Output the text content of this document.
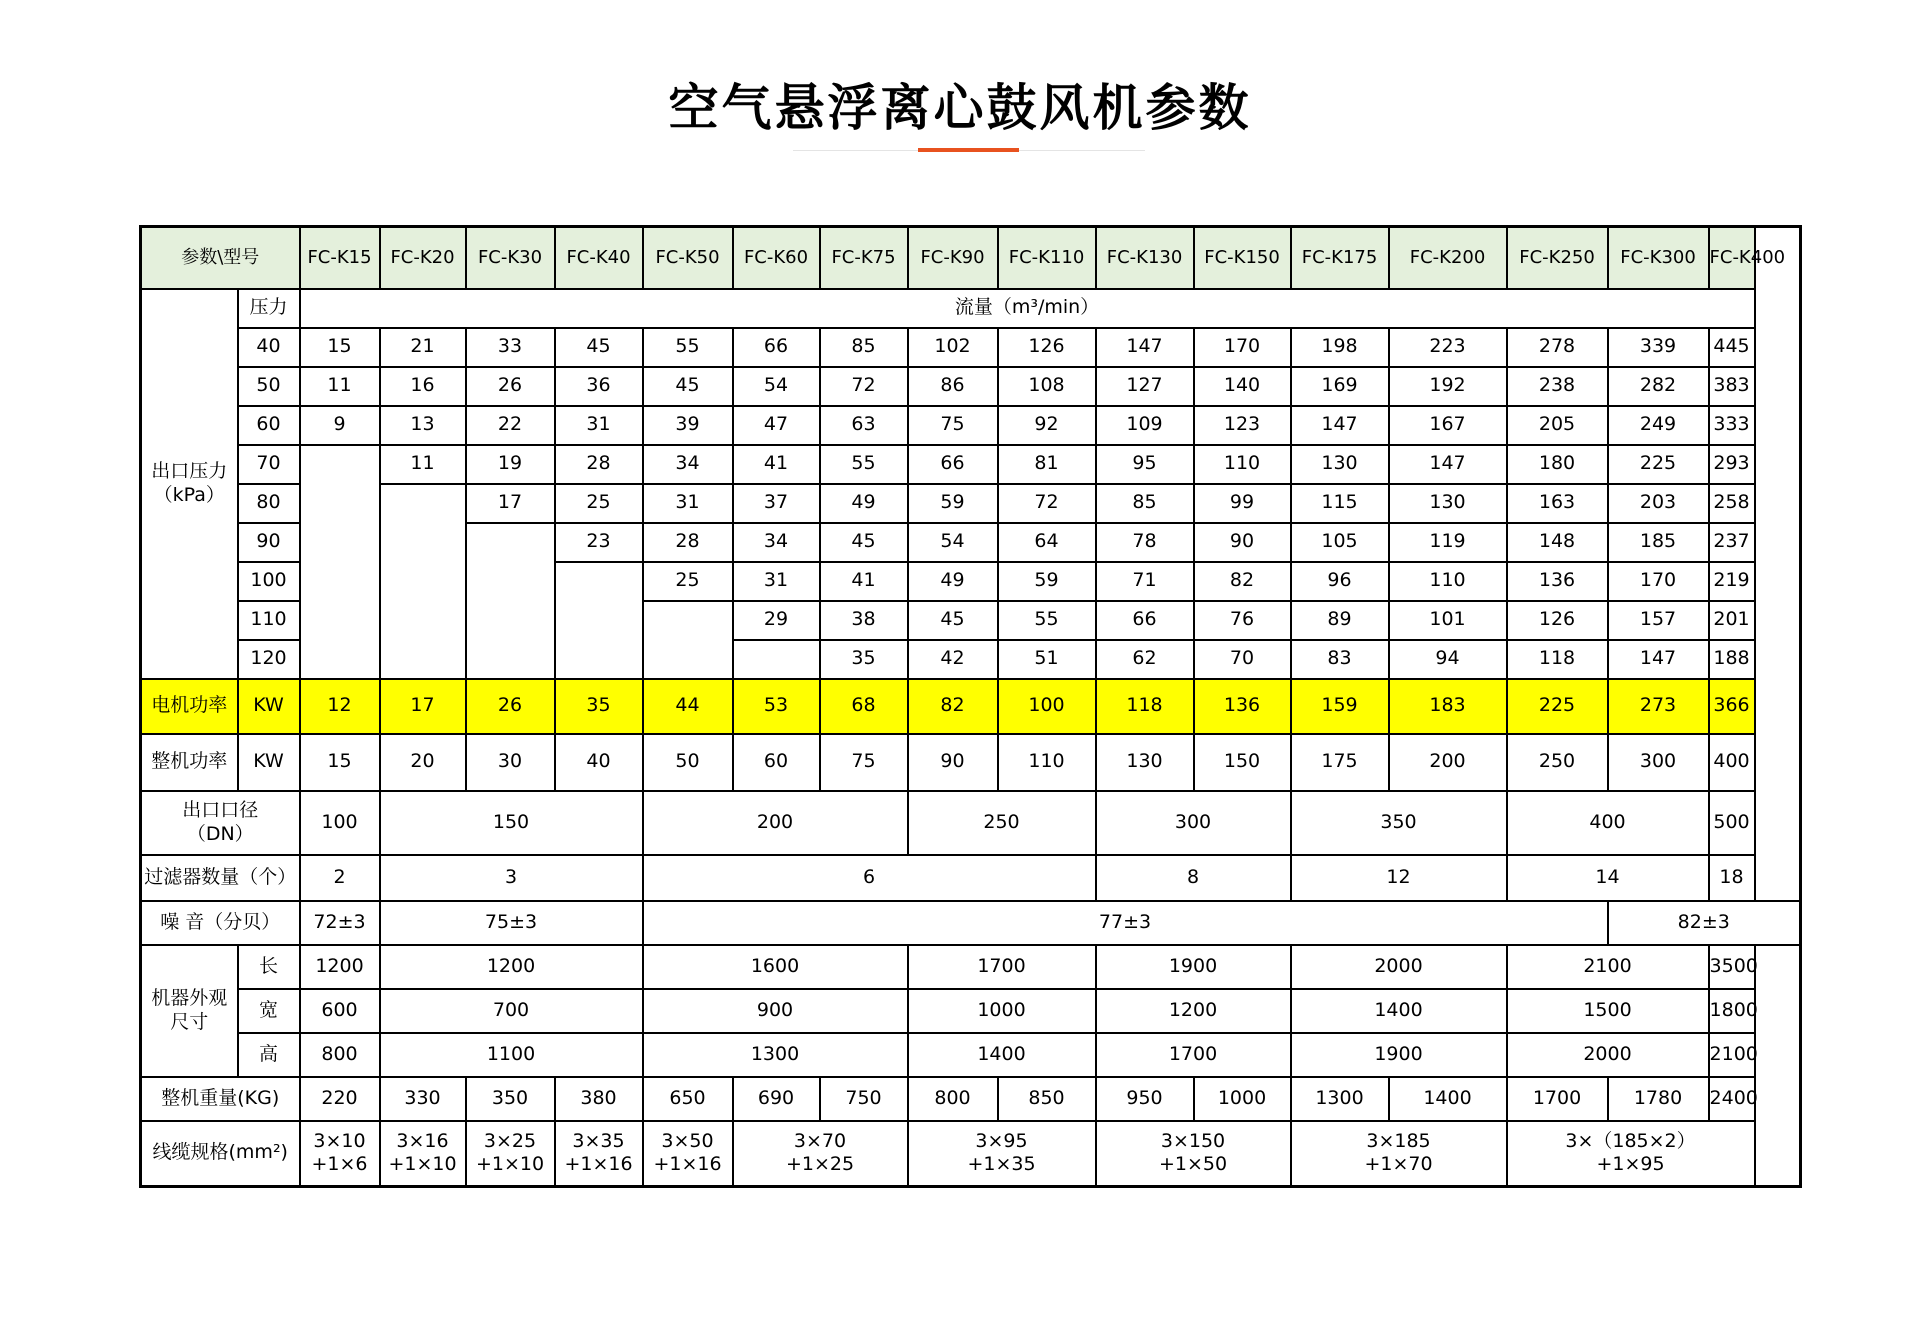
空气悬浮离心鼓风机参数
参数\型号		FC-K15	FC-K20	FC-K30	FC-K40	FC-K50	FC-K60	FC-K75	FC-K90	FC-K110	FC-K130	FC-K150	FC-K175	FC-K200	FC-K250	FC-K300	FC-K400
出口压力
（kPa）	压力	流量（m³/min）															
	40	15	21	33	45	55	66	85	102	126	147	170	198	223	278	339	445
	50	11	16	26	36	45	54	72	86	108	127	140	169	192	238	282	383
	60	9	13	22	31	39	47	63	75	92	109	123	147	167	205	249	333
	70		11	19	28	34	41	55	66	81	95	110	130	147	180	225	293
	80			17	25	31	37	49	59	72	85	99	115	130	163	203	258
	90				23	28	34	45	54	64	78	90	105	119	148	185	237
	100					25	31	41	49	59	71	82	96	110	136	170	219
	110						29	38	45	55	66	76	89	101	126	157	201
	120							35	42	51	62	70	83	94	118	147	188
电机功率	KW	12	17	26	35	44	53	68	82	100	118	136	159	183	225	273	366
整机功率	KW	15	20	30	40	50	60	75	90	110	130	150	175	200	250	300	400
出口口径
（DN）		100	150			200			250		300		350		400		500
过滤器数量（个）		2	3			6					8		12		14		18
噪 音（分贝）		72±3	75±3			77±3										82±3	
机器外观
尺寸	长	1200	1200			1600			1700		1900		2000		2100		3500
	宽	600	700			900			1000		1200		1400		1500		1800
	高	800	1100			1300			1400		1700		1900		2000		2100
整机重量(KG)		220	330	350	380	650	690	750	800	850	950	1000	1300	1400	1700	1780	2400
线缆规格(mm²)		3×10
+1×6	3×16
+1×10	3×25
+1×10	3×35
+1×16	3×50
+1×16	3×70
+1×25		3×95
+1×35		3×150
+1×50		3×185
+1×70		3×（185×2）
+1×95		
